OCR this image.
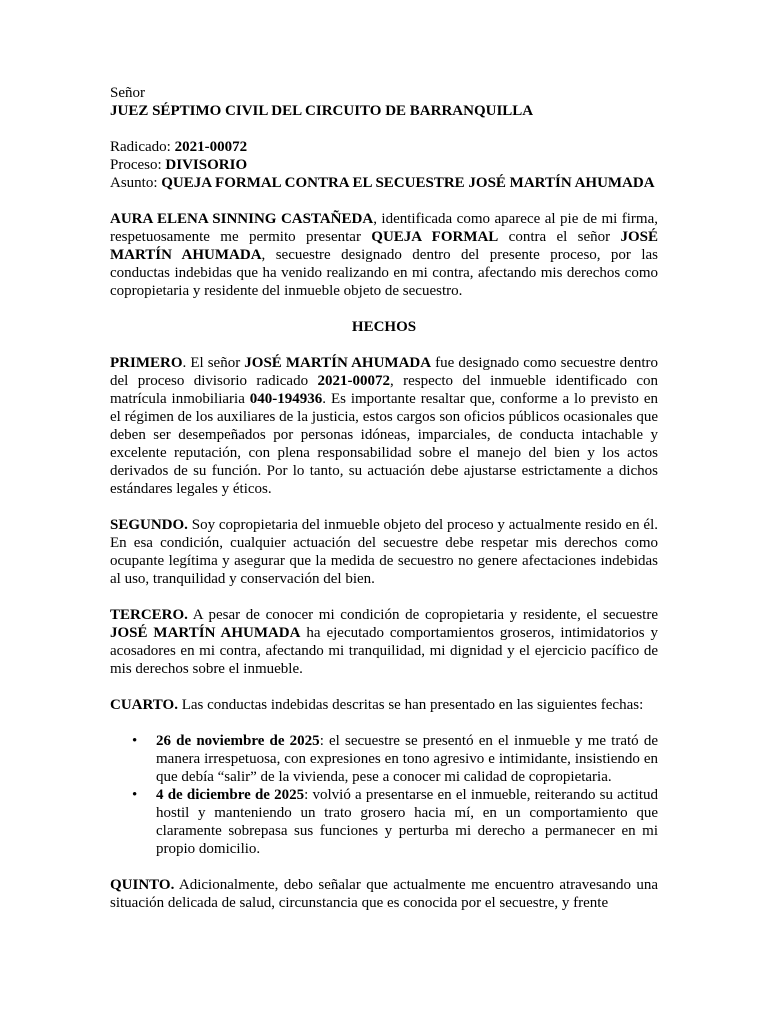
Señor
JUEZ SÉPTIMO CIVIL DEL CIRCUITO DE BARRANQUILLA
Radicado: 2021-00072
Proceso: DIVISORIO
Asunto: QUEJA FORMAL CONTRA EL SECUESTRE JOSÉ MARTÍN AHUMADA

AURA ELENA SINNING CASTAÑEDA, identificada como aparece al pie de mi firma, respetuosamente me permito presentar QUEJA FORMAL contra el señor JOSÉ MARTÍN AHUMADA, secuestre designado dentro del presente proceso, por las conductas indebidas que ha venido realizando en mi contra, afectando mis derechos como copropietaria y residente del inmueble objeto de secuestro.

HECHOS

PRIMERO. El señor JOSÉ MARTÍN AHUMADA fue designado como secuestre dentro del proceso divisorio radicado 2021-00072, respecto del inmueble identificado con matrícula inmobiliaria 040-194936. Es importante resaltar que, conforme a lo previsto en el régimen de los auxiliares de la justicia, estos cargos son oficios públicos ocasionales que deben ser desempeñados por personas idóneas, imparciales, de conducta intachable y excelente reputación, con plena responsabilidad sobre el manejo del bien y los actos derivados de su función. Por lo tanto, su actuación debe ajustarse estrictamente a dichos estándares legales y éticos.

SEGUNDO. Soy copropietaria del inmueble objeto del proceso y actualmente resido en él. En esa condición, cualquier actuación del secuestre debe respetar mis derechos como ocupante legítima y asegurar que la medida de secuestro no genere afectaciones indebidas al uso, tranquilidad y conservación del bien.

TERCERO. A pesar de conocer mi condición de copropietaria y residente, el secuestre JOSÉ MARTÍN AHUMADA ha ejecutado comportamientos groseros, intimidatorios y acosadores en mi contra, afectando mi tranquilidad, mi dignidad y el ejercicio pacífico de mis derechos sobre el inmueble.

CUARTO. Las conductas indebidas descritas se han presentado en las siguientes fechas:

• 26 de noviembre de 2025: el secuestre se presentó en el inmueble y me trató de manera irrespetuosa, con expresiones en tono agresivo e intimidante, insistiendo en que debía “salir” de la vivienda, pese a conocer mi calidad de copropietaria.
• 4 de diciembre de 2025: volvió a presentarse en el inmueble, reiterando su actitud hostil y manteniendo un trato grosero hacia mí, en un comportamiento que claramente sobrepasa sus funciones y perturba mi derecho a permanecer en mi propio domicilio.

QUINTO. Adicionalmente, debo señalar que actualmente me encuentro atravesando una situación delicada de salud, circunstancia que es conocida por el secuestre, y frente
